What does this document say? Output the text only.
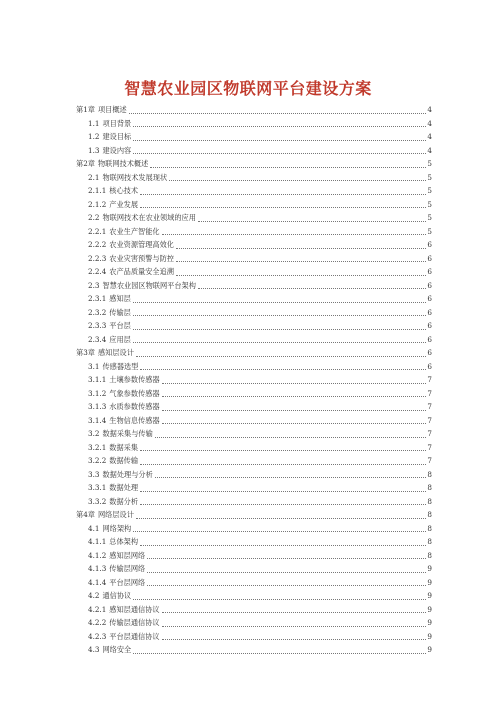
智慧农业园区物联网平台建设方案
第1章 项目概述	4
1.1 项目背景	4
1.2 建设目标	4
1.3 建设内容	4
第2章 物联网技术概述	5
2.1 物联网技术发展现状	5
2.1.1 核心技术	5
2.1.2 产业发展	5
2.2 物联网技术在农业领域的应用	5
2.2.1 农业生产智能化	5
2.2.2 农业资源管理高效化	6
2.2.3 农业灾害预警与防控	6
2.2.4 农产品质量安全追溯	6
2.3 智慧农业园区物联网平台架构	6
2.3.1 感知层	6
2.3.2 传输层	6
2.3.3 平台层	6
2.3.4 应用层	6
第3章 感知层设计	6
3.1 传感器选型	6
3.1.1 土壤参数传感器	7
3.1.2 气象参数传感器	7
3.1.3 水质参数传感器	7
3.1.4 生物信息传感器	7
3.2 数据采集与传输	7
3.2.1 数据采集	7
3.2.2 数据传输	7
3.3 数据处理与分析	8
3.3.1 数据处理	8
3.3.2 数据分析	8
第4章 网络层设计	8
4.1 网络架构	8
4.1.1 总体架构	8
4.1.2 感知层网络	8
4.1.3 传输层网络	9
4.1.4 平台层网络	9
4.2 通信协议	9
4.2.1 感知层通信协议	9
4.2.2 传输层通信协议	9
4.2.3 平台层通信协议	9
4.3 网络安全	9
